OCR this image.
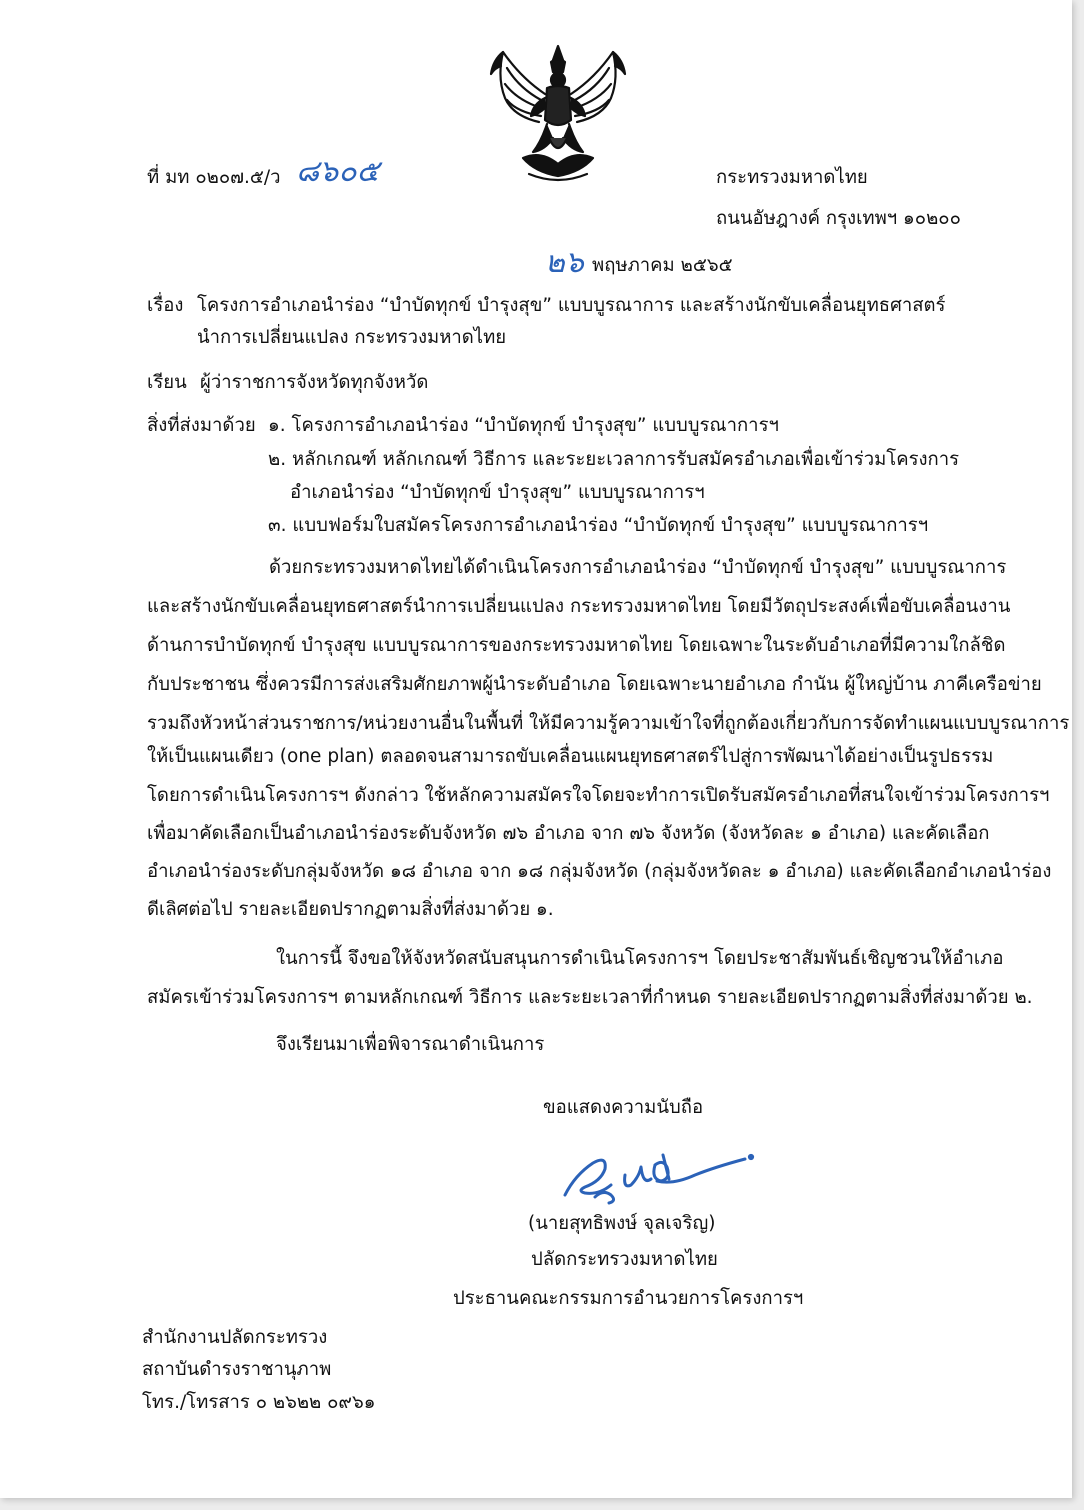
ที่ มท ๐๒๐๗.๕/ว ๘๖๐๕	กระทรวงมหาดไทย
ถนนอัษฎางค์ กรุงเทพฯ ๑๐๒๐๐
๒๖ พฤษภาคม ๒๕๖๕
เรื่อง โครงการอำเภอนำร่อง “บำบัดทุกข์ บำรุงสุข” แบบบูรณาการ และสร้างนักขับเคลื่อนยุทธศาสตร์
นำการเปลี่ยนแปลง กระทรวงมหาดไทย
เรียน ผู้ว่าราชการจังหวัดทุกจังหวัด
สิ่งที่ส่งมาด้วย ๑. โครงการอำเภอนำร่อง “บำบัดทุกข์ บำรุงสุข” แบบบูรณาการฯ
๒. หลักเกณฑ์ หลักเกณฑ์ วิธีการ และระยะเวลาการรับสมัครอำเภอเพื่อเข้าร่วมโครงการ
อำเภอนำร่อง “บำบัดทุกข์ บำรุงสุข” แบบบูรณาการฯ
๓. แบบฟอร์มใบสมัครโครงการอำเภอนำร่อง “บำบัดทุกข์ บำรุงสุข” แบบบูรณาการฯ
ด้วยกระทรวงมหาดไทยได้ดำเนินโครงการอำเภอนำร่อง “บำบัดทุกข์ บำรุงสุข” แบบบูรณาการ
และสร้างนักขับเคลื่อนยุทธศาสตร์นำการเปลี่ยนแปลง กระทรวงมหาดไทย โดยมีวัตถุประสงค์เพื่อขับเคลื่อนงาน
ด้านการบำบัดทุกข์ บำรุงสุข แบบบูรณาการของกระทรวงมหาดไทย โดยเฉพาะในระดับอำเภอที่มีความใกล้ชิด
กับประชาชน ซึ่งควรมีการส่งเสริมศักยภาพผู้นำระดับอำเภอ โดยเฉพาะนายอำเภอ กำนัน ผู้ใหญ่บ้าน ภาคีเครือข่าย
รวมถึงหัวหน้าส่วนราชการ/หน่วยงานอื่นในพื้นที่ ให้มีความรู้ความเข้าใจที่ถูกต้องเกี่ยวกับการจัดทำแผนแบบบูรณาการ
ให้เป็นแผนเดียว (one plan) ตลอดจนสามารถขับเคลื่อนแผนยุทธศาสตร์ไปสู่การพัฒนาได้อย่างเป็นรูปธรรม
โดยการดำเนินโครงการฯ ดังกล่าว ใช้หลักความสมัครใจโดยจะทำการเปิดรับสมัครอำเภอที่สนใจเข้าร่วมโครงการฯ
เพื่อมาคัดเลือกเป็นอำเภอนำร่องระดับจังหวัด ๗๖ อำเภอ จาก ๗๖ จังหวัด (จังหวัดละ ๑ อำเภอ) และคัดเลือก
อำเภอนำร่องระดับกลุ่มจังหวัด ๑๘ อำเภอ จาก ๑๘ กลุ่มจังหวัด (กลุ่มจังหวัดละ ๑ อำเภอ) และคัดเลือกอำเภอนำร่อง
ดีเลิศต่อไป รายละเอียดปรากฏตามสิ่งที่ส่งมาด้วย ๑.
ในการนี้ จึงขอให้จังหวัดสนับสนุนการดำเนินโครงการฯ โดยประชาสัมพันธ์เชิญชวนให้อำเภอ
สมัครเข้าร่วมโครงการฯ ตามหลักเกณฑ์ วิธีการ และระยะเวลาที่กำหนด รายละเอียดปรากฏตามสิ่งที่ส่งมาด้วย ๒.
จึงเรียนมาเพื่อพิจารณาดำเนินการ
ขอแสดงความนับถือ
(นายสุทธิพงษ์ จุลเจริญ)
ปลัดกระทรวงมหาดไทย
ประธานคณะกรรมการอำนวยการโครงการฯ
สำนักงานปลัดกระทรวง
สถาบันดำรงราชานุภาพ
โทร./โทรสาร ๐ ๒๖๒๒ ๐๙๖๑
